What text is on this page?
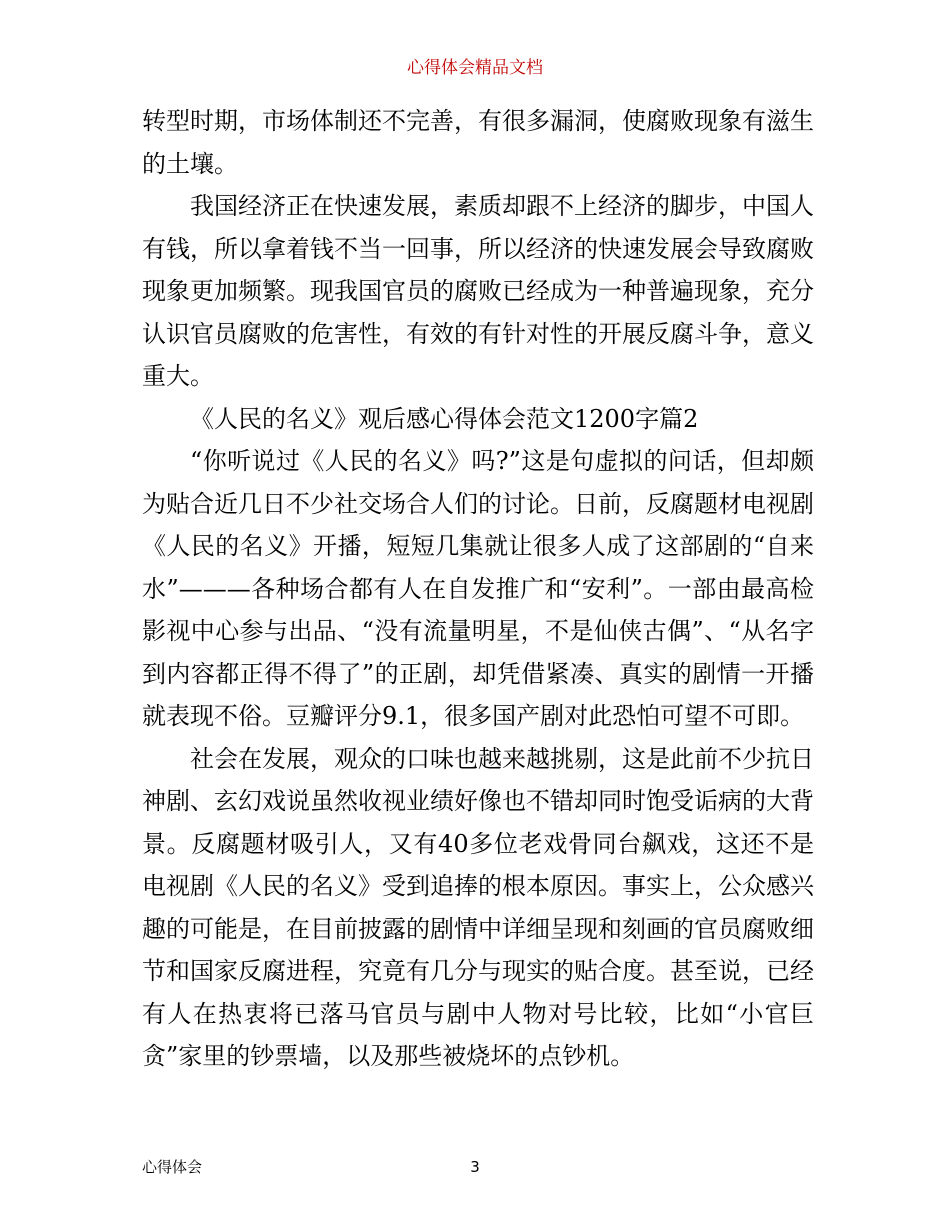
心得体会精品文档

转型时期，市场体制还不完善，有很多漏洞，使腐败现象有滋生的土壤。

我国经济正在快速发展，素质却跟不上经济的脚步，中国人有钱，所以拿着钱不当一回事，所以经济的快速发展会导致腐败现象更加频繁。现我国官员的腐败已经成为一种普遍现象，充分认识官员腐败的危害性，有效的有针对性的开展反腐斗争，意义重大。

《人民的名义》观后感心得体会范文1200字篇2

“你听说过《人民的名义》吗?”这是句虚拟的问话，但却颇为贴合近几日不少社交场合人们的讨论。日前，反腐题材电视剧《人民的名义》开播，短短几集就让很多人成了这部剧的“自来水”———各种场合都有人在自发推广和“安利”。一部由最高检影视中心参与出品、“没有流量明星，不是仙侠古偶”、“从名字到内容都正得不得了”的正剧，却凭借紧凑、真实的剧情一开播就表现不俗。豆瓣评分9.1，很多国产剧对此恐怕可望不可即。

社会在发展，观众的口味也越来越挑剔，这是此前不少抗日神剧、玄幻戏说虽然收视业绩好像也不错却同时饱受诟病的大背景。反腐题材吸引人，又有40多位老戏骨同台飙戏，这还不是电视剧《人民的名义》受到追捧的根本原因。事实上，公众感兴趣的可能是，在目前披露的剧情中详细呈现和刻画的官员腐败细节和国家反腐进程，究竟有几分与现实的贴合度。甚至说，已经有人在热衷将已落马官员与剧中人物对号比较，比如“小官巨贪”家里的钞票墙，以及那些被烧坏的点钞机。

心得体会	3
